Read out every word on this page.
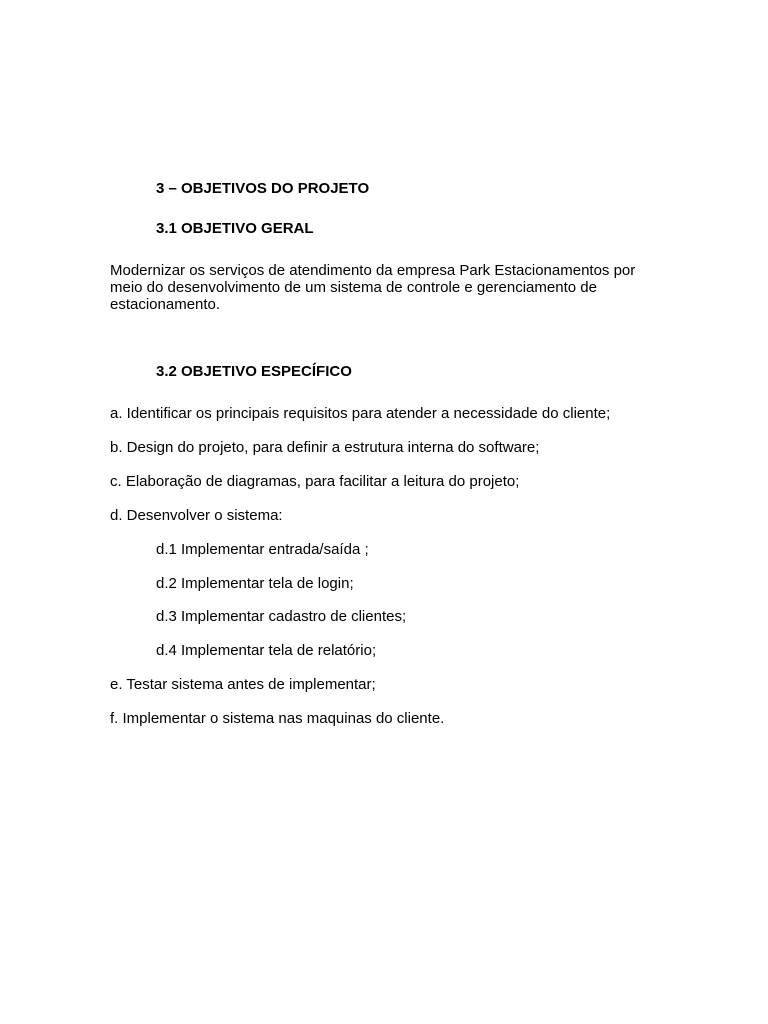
3 – OBJETIVOS DO PROJETO
3.1 OBJETIVO GERAL
Modernizar os serviços de atendimento da empresa Park Estacionamentos por
meio do desenvolvimento de um sistema de controle e gerenciamento de
estacionamento.
3.2 OBJETIVO ESPECÍFICO
a. Identificar os principais requisitos para atender a necessidade do cliente;
b. Design do projeto, para definir a estrutura interna do software;
c. Elaboração de diagramas, para facilitar a leitura do projeto;
d. Desenvolver o sistema:
d.1 Implementar entrada/saída ;
d.2 Implementar tela de login;
d.3 Implementar cadastro de clientes;
d.4 Implementar tela de relatório;
e. Testar sistema antes de implementar;
f. Implementar o sistema nas maquinas do cliente.
